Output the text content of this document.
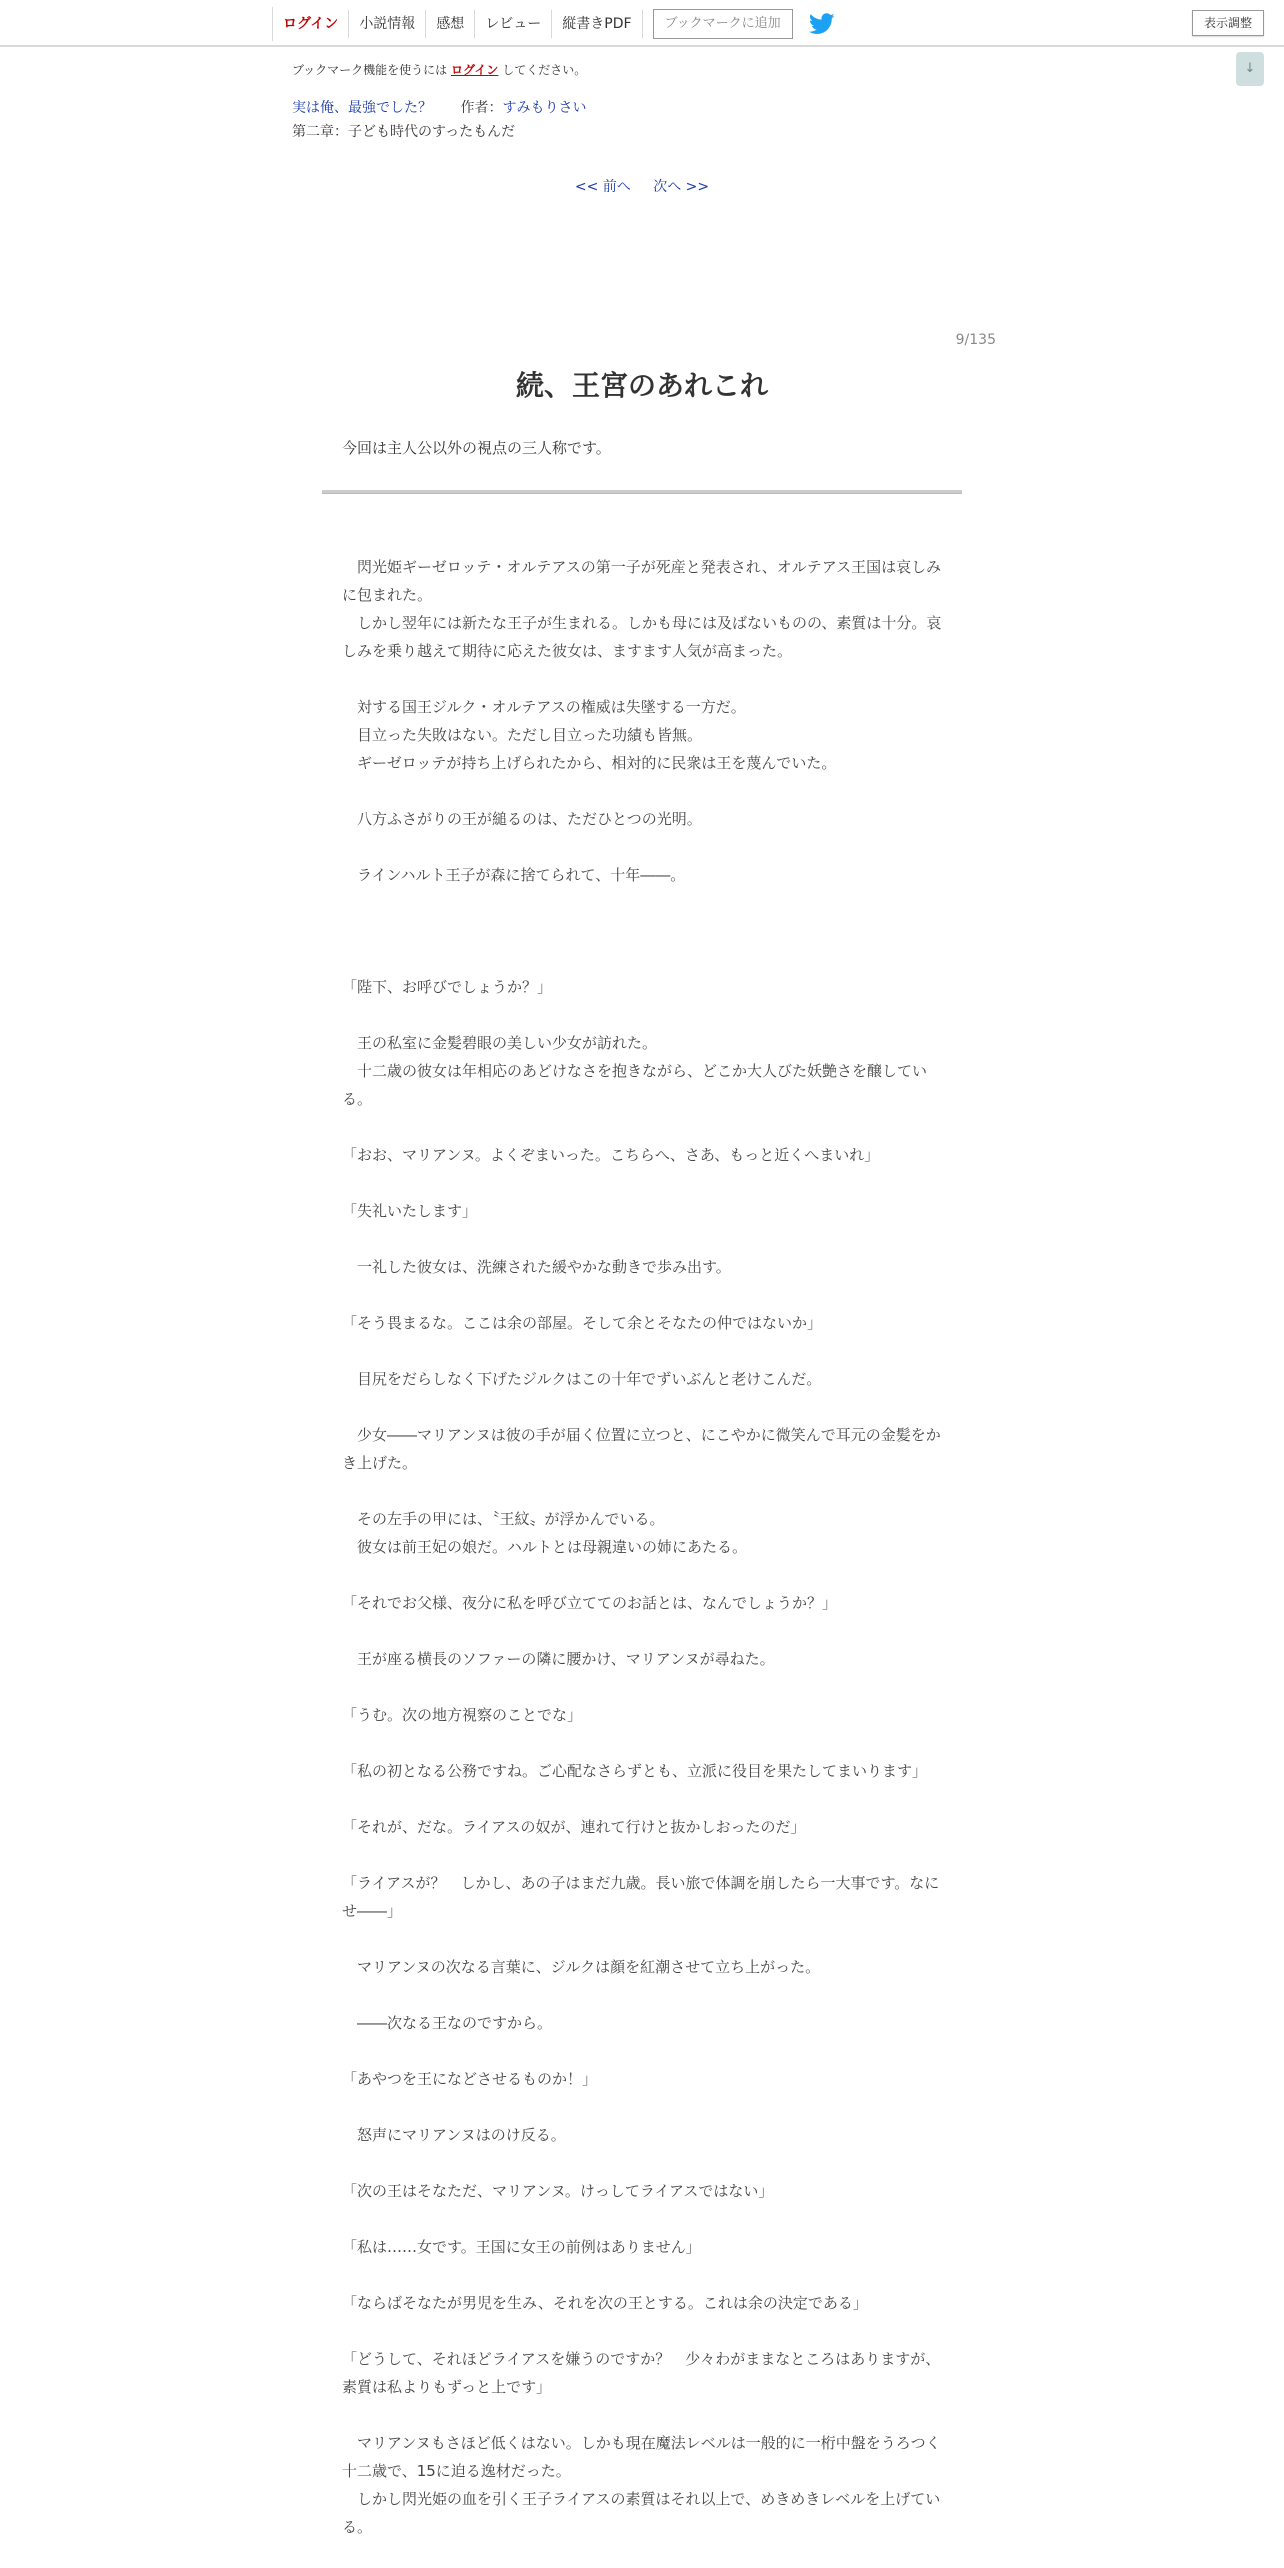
ログイン	小説情報	感想	レビュー	縦書きPDF	ブックマークに追加	表示調整
↓
ブックマーク機能を使うには ログイン してください。
実は俺、最強でした？ 作者：すみもりさい
第二章：子ども時代のすったもんだ
<< 前へ 次へ >>
9/135
続、王宮のあれこれ
今回は主人公以外の視点の三人称です。

　閃光姫ギーゼロッテ・オルテアスの第一子が死産と発表され、オルテアス王国は哀しみに包まれた。

　しかし翌年には新たな王子が生まれる。しかも母には及ばないものの、素質は十分。哀しみを乗り越えて期待に応えた彼女は、ますます人気が高まった。

　対する国王ジルク・オルテアスの権威は失墜する一方だ。

　目立った失敗はない。ただし目立った功績も皆無。

　ギーゼロッテが持ち上げられたから、相対的に民衆は王を蔑んでいた。

　八方ふさがりの王が縋るのは、ただひとつの光明。

　ラインハルト王子が森に捨てられて、十年――。

「陛下、お呼びでしょうか？」

　王の私室に金髪碧眼の美しい少女が訪れた。

　十二歳の彼女は年相応のあどけなさを抱きながら、どこか大人びた妖艶さを醸している。

「おお、マリアンヌ。よくぞまいった。こちらへ、さあ、もっと近くへまいれ」

「失礼いたします」

　一礼した彼女は、洗練された緩やかな動きで歩み出す。

「そう畏まるな。ここは余の部屋。そして余とそなたの仲ではないか」

　目尻をだらしなく下げたジルクはこの十年でずいぶんと老けこんだ。

　少女――マリアンヌは彼の手が届く位置に立つと、にこやかに微笑んで耳元の金髪をかき上げた。

　その左手の甲には、〝王紋〟が浮かんでいる。

　彼女は前王妃の娘だ。ハルトとは母親違いの姉にあたる。

「それでお父様、夜分に私を呼び立ててのお話とは、なんでしょうか？」

　王が座る横長のソファーの隣に腰かけ、マリアンヌが尋ねた。

「うむ。次の地方視察のことでな」

「私の初となる公務ですね。ご心配なさらずとも、立派に役目を果たしてまいります」

「それが、だな。ライアスの奴が、連れて行けと抜かしおったのだ」

「ライアスが？　しかし、あの子はまだ九歳。長い旅で体調を崩したら一大事です。なにせ――」

　マリアンヌの次なる言葉に、ジルクは顔を紅潮させて立ち上がった。

　――次なる王なのですから。

「あやつを王になどさせるものか！」

　怒声にマリアンヌはのけ反る。

「次の王はそなただ、マリアンヌ。けっしてライアスではない」

「私は……女です。王国に女王の前例はありません」

「ならばそなたが男児を生み、それを次の王とする。これは余の決定である」

「どうして、それほどライアスを嫌うのですか？　少々わがままなところはありますが、素質は私よりもずっと上です」

　マリアンヌもさほど低くはない。しかも現在魔法レベルは一般的に一桁中盤をうろつく十二歳で、15に迫る逸材だった。

　しかし閃光姫の血を引く王子ライアスの素質はそれ以上で、めきめきレベルを上げている。
